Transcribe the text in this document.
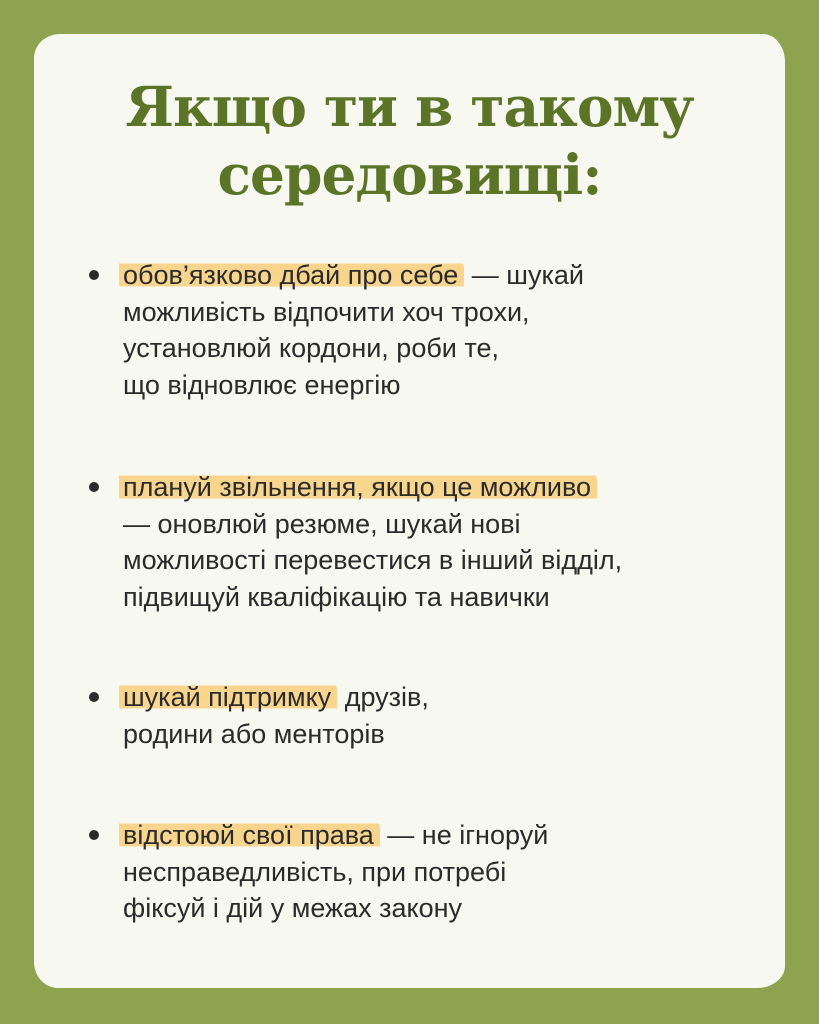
Якщо ти в такому
середовищі:
обов’язково дбай про себе — шукай
можливість відпочити хоч трохи,
установлюй кордони, роби те,
що відновлює енергію
плануй звільнення, якщо це можливо
— оновлюй резюме, шукай нові
можливості перевестися в інший відділ,
підвищуй кваліфікацію та навички
шукай підтримку друзів,
родини або менторів
відстоюй свої права — не ігноруй
несправедливість, при потребі
фіксуй і дій у межах закону
